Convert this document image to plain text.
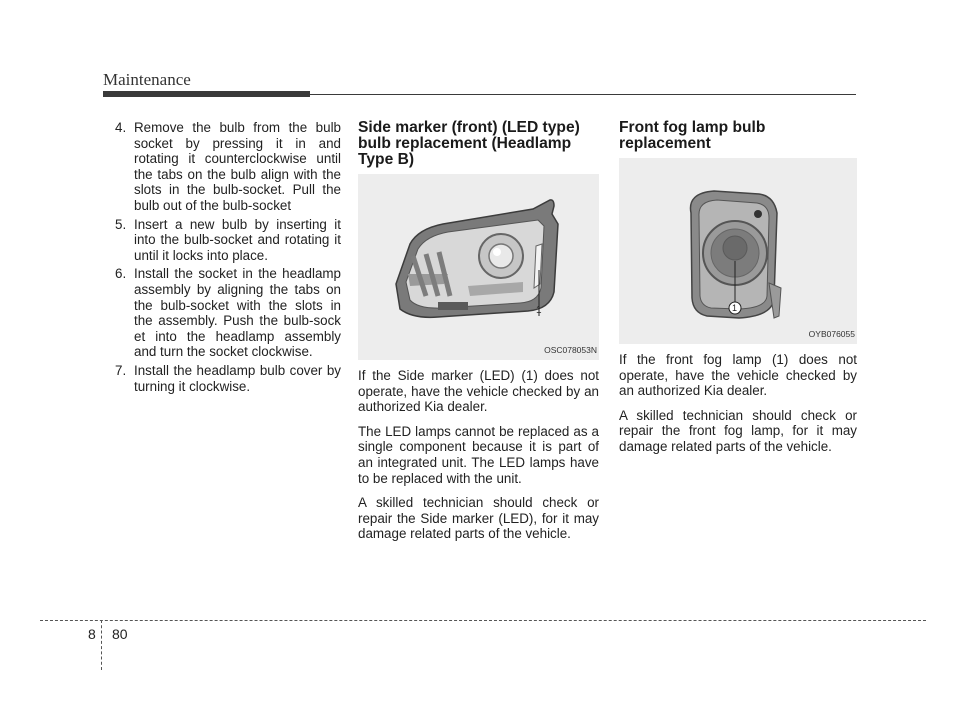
Maintenance
4. Remove the bulb from the bulb socket by pressing it in and rotating it counterclockwise until the tabs on the bulb align with the slots in the bulb-socket. Pull the bulb out of the bulb-socket
5. Insert a new bulb by inserting it into the bulb-socket and rotating it until it locks into place.
6. Install the socket in the headlamp assembly by aligning the tabs on the bulb-socket with the slots in the assembly. Push the bulb-sock et into the headlamp assembly and turn the socket clockwise.
7. Install the headlamp bulb cover by turning it clockwise.
Side marker (front) (LED type) bulb replacement (Headlamp Type B)
1
OSC078053N

If the Side marker (LED) (1) does not operate, have the vehicle checked by an authorized Kia dealer.

The LED lamps cannot be replaced as a single component because it is part of an integrated unit. The LED lamps have to be replaced with the unit.

A skilled technician should check or repair the Side marker (LED), for it may damage related parts of the vehicle.

Front fog lamp bulb replacement
1
OYB076055

If the front fog lamp (1) does not operate, have the vehicle checked by an authorized Kia dealer.

A skilled technician should check or repair the front fog lamp, for it may damage related parts of the vehicle.

8 80
